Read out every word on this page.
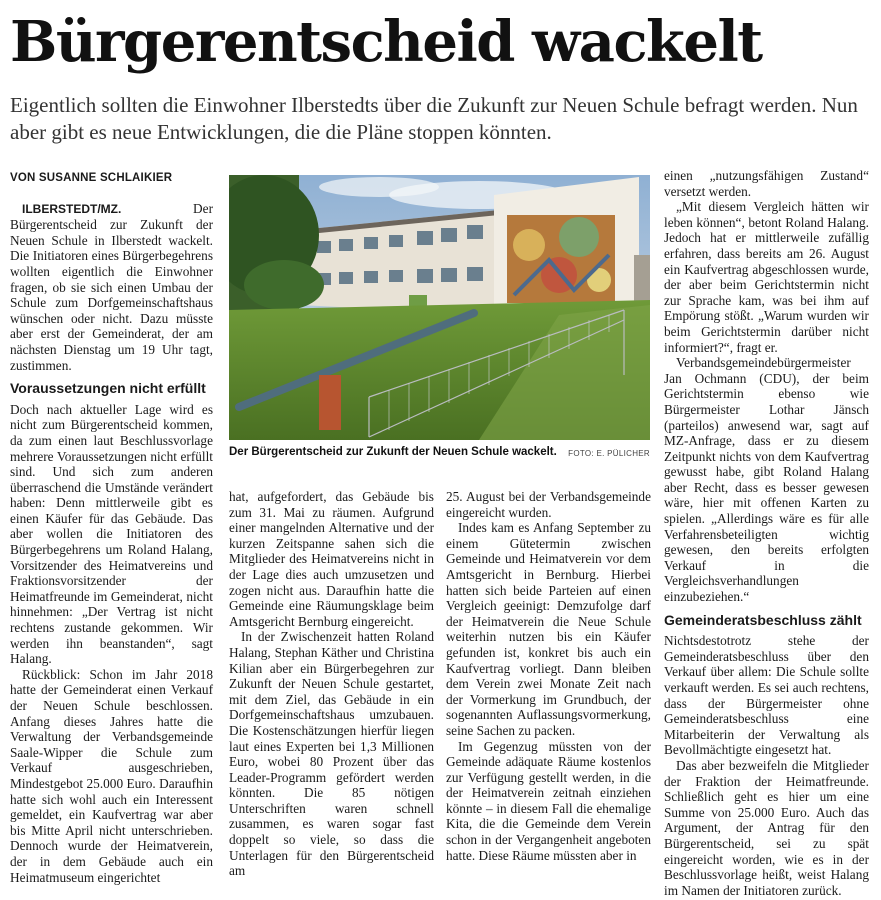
Bürgerentscheid wackelt

Eigentlich sollten die Einwohner Ilberstedts über die Zukunft zur Neuen Schule befragt werden. Nun aber gibt es neue Entwicklungen, die die Pläne stoppen könnten.

VON SUSANNE SCHLAIKIER

ILBERSTEDT/MZ. Der Bürgerentscheid zur Zukunft der Neuen Schule in Ilberstedt wackelt. Die Initiatoren eines Bürgerbegehrens wollten eigentlich die Einwohner fragen, ob sie sich einen Umbau der Schule zum Dorfgemeinschaftshaus wünschen oder nicht. Dazu müsste aber erst der Gemeinderat, der am nächsten Dienstag um 19 Uhr tagt, zustimmen.

Voraussetzungen nicht erfüllt

Doch nach aktueller Lage wird es nicht zum Bürgerentscheid kommen, da zum einen laut Beschlussvorlage mehrere Voraussetzungen nicht erfüllt sind. Und sich zum anderen überraschend die Umstände verändert haben: Denn mittlerweile gibt es einen Käufer für das Gebäude. Das aber wollen die Initiatoren des Bürgerbegehrens um Roland Halang, Vorsitzender des Heimatvereins und Fraktionsvorsitzender der Heimatfreunde im Gemeinderat, nicht hinnehmen: „Der Vertrag ist nicht rechtens zustande gekommen. Wir werden ihn beanstanden“, sagt Halang.

Rückblick: Schon im Jahr 2018 hatte der Gemeinderat einen Verkauf der Neuen Schule beschlossen. Anfang dieses Jahres hatte die Verwaltung der Verbandsgemeinde Saale-Wipper die Schule zum Verkauf ausgeschrieben, Mindestgebot 25.000 Euro. Daraufhin hatte sich wohl auch ein Interessent gemeldet, ein Kaufvertrag war aber bis Mitte April nicht unterschrieben. Dennoch wurde der Heimatverein, der in dem Gebäude auch ein Heimatmuseum eingerichtet

Der Bürgerentscheid zur Zukunft der Neuen Schule wackelt. FOTO: E. PÜLICHER

hat, aufgefordert, das Gebäude bis zum 31. Mai zu räumen. Aufgrund einer mangelnden Alternative und der kurzen Zeitspanne sahen sich die Mitglieder des Heimatvereins nicht in der Lage dies auch umzusetzen und zogen nicht aus. Daraufhin hatte die Gemeinde eine Räumungsklage beim Amtsgericht Bernburg eingereicht.

In der Zwischenzeit hatten Roland Halang, Stephan Käther und Christina Kilian aber ein Bürgerbegehren zur Zukunft der Neuen Schule gestartet, mit dem Ziel, das Gebäude in ein Dorfgemeinschaftshaus umzubauen. Die Kostenschätzungen hierfür liegen laut eines Experten bei 1,3 Millionen Euro, wobei 80 Prozent über das Leader-Programm gefördert werden könnten. Die 85 nötigen Unterschriften waren schnell zusammen, es waren sogar fast doppelt so viele, so dass die Unterlagen für den Bürgerentscheid am

25. August bei der Verbandsgemeinde eingereicht wurden.

Indes kam es Anfang September zu einem Gütetermin zwischen Gemeinde und Heimatverein vor dem Amtsgericht in Bernburg. Hierbei hatten sich beide Parteien auf einen Vergleich geeinigt: Demzufolge darf der Heimatverein die Neue Schule weiterhin nutzen bis ein Käufer gefunden ist, konkret bis auch ein Kaufvertrag vorliegt. Dann bleiben dem Verein zwei Monate Zeit nach der Vormerkung im Grundbuch, der sogenannten Auflassungsvormerkung, seine Sachen zu packen.

Im Gegenzug müssten von der Gemeinde adäquate Räume kostenlos zur Verfügung gestellt werden, in die der Heimatverein zeitnah einziehen könnte – in diesem Fall die ehemalige Kita, die die Gemeinde dem Verein schon in der Vergangenheit angeboten hatte. Diese Räume müssten aber in

einen „nutzungsfähigen Zustand“ versetzt werden.

„Mit diesem Vergleich hätten wir leben können“, betont Roland Halang. Jedoch hat er mittlerweile zufällig erfahren, dass bereits am 26. August ein Kaufvertrag abgeschlossen wurde, der aber beim Gerichtstermin nicht zur Sprache kam, was bei ihm auf Empörung stößt. „Warum wurden wir beim Gerichtstermin darüber nicht informiert?“, fragt er.

Verbandsgemeindebürgermeister Jan Ochmann (CDU), der beim Gerichtstermin ebenso wie Bürgermeister Lothar Jänsch (parteilos) anwesend war, sagt auf MZ-Anfrage, dass er zu diesem Zeitpunkt nichts von dem Kaufvertrag gewusst habe, gibt Roland Halang aber Recht, dass es besser gewesen wäre, hier mit offenen Karten zu spielen. „Allerdings wäre es für alle Verfahrensbeteiligten wichtig gewesen, den bereits erfolgten Verkauf in die Vergleichsverhandlungen einzubeziehen.“

Gemeinderatsbeschluss zählt

Nichtsdestotrotz stehe der Gemeinderatsbeschluss über den Verkauf über allem: Die Schule sollte verkauft werden. Es sei auch rechtens, dass der Bürgermeister ohne Gemeinderatsbeschluss eine Mitarbeiterin der Verwaltung als Bevollmächtigte eingesetzt hat.

Das aber bezweifeln die Mitglieder der Fraktion der Heimatfreunde. Schließlich geht es hier um eine Summe von 25.000 Euro. Auch das Argument, der Antrag für den Bürgerentscheid, sei zu spät eingereicht worden, wie es in der Beschlussvorlage heißt, weist Halang im Namen der Initiatoren zurück.
